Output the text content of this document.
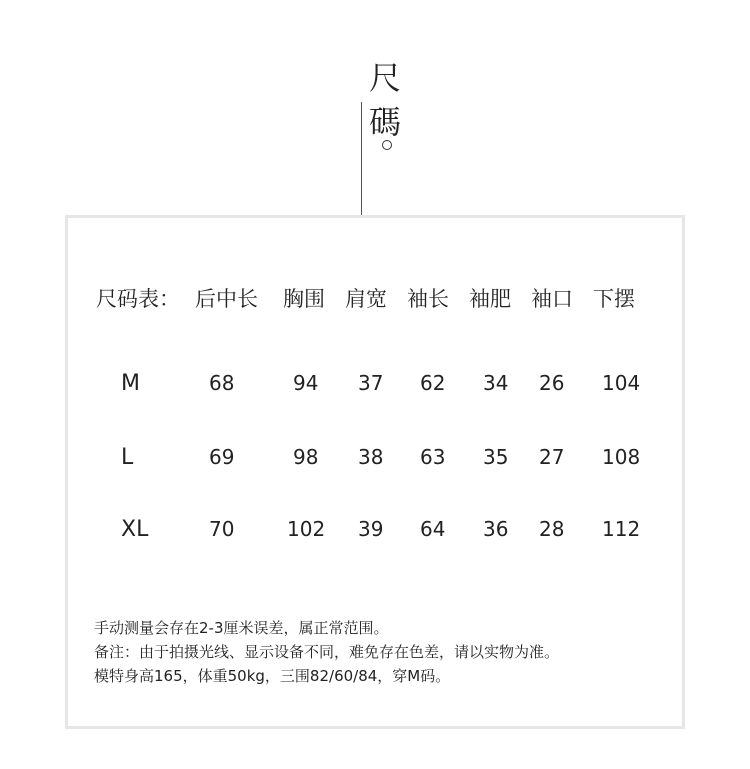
尺
碼
尺码表： 后中长 胸围 肩宽 袖长 袖肥 袖口 下摆
M	68	94 37 62 34 26 104
L	69	98 38 63 35 27 108
XL	70	102 39 64 36 28 112
手动测量会存在2-3厘米误差，属正常范围。
备注：由于拍摄光线、显示设备不同，难免存在色差，请以实物为准。
模特身高165，体重50kg，三围82/60/84，穿M码。
